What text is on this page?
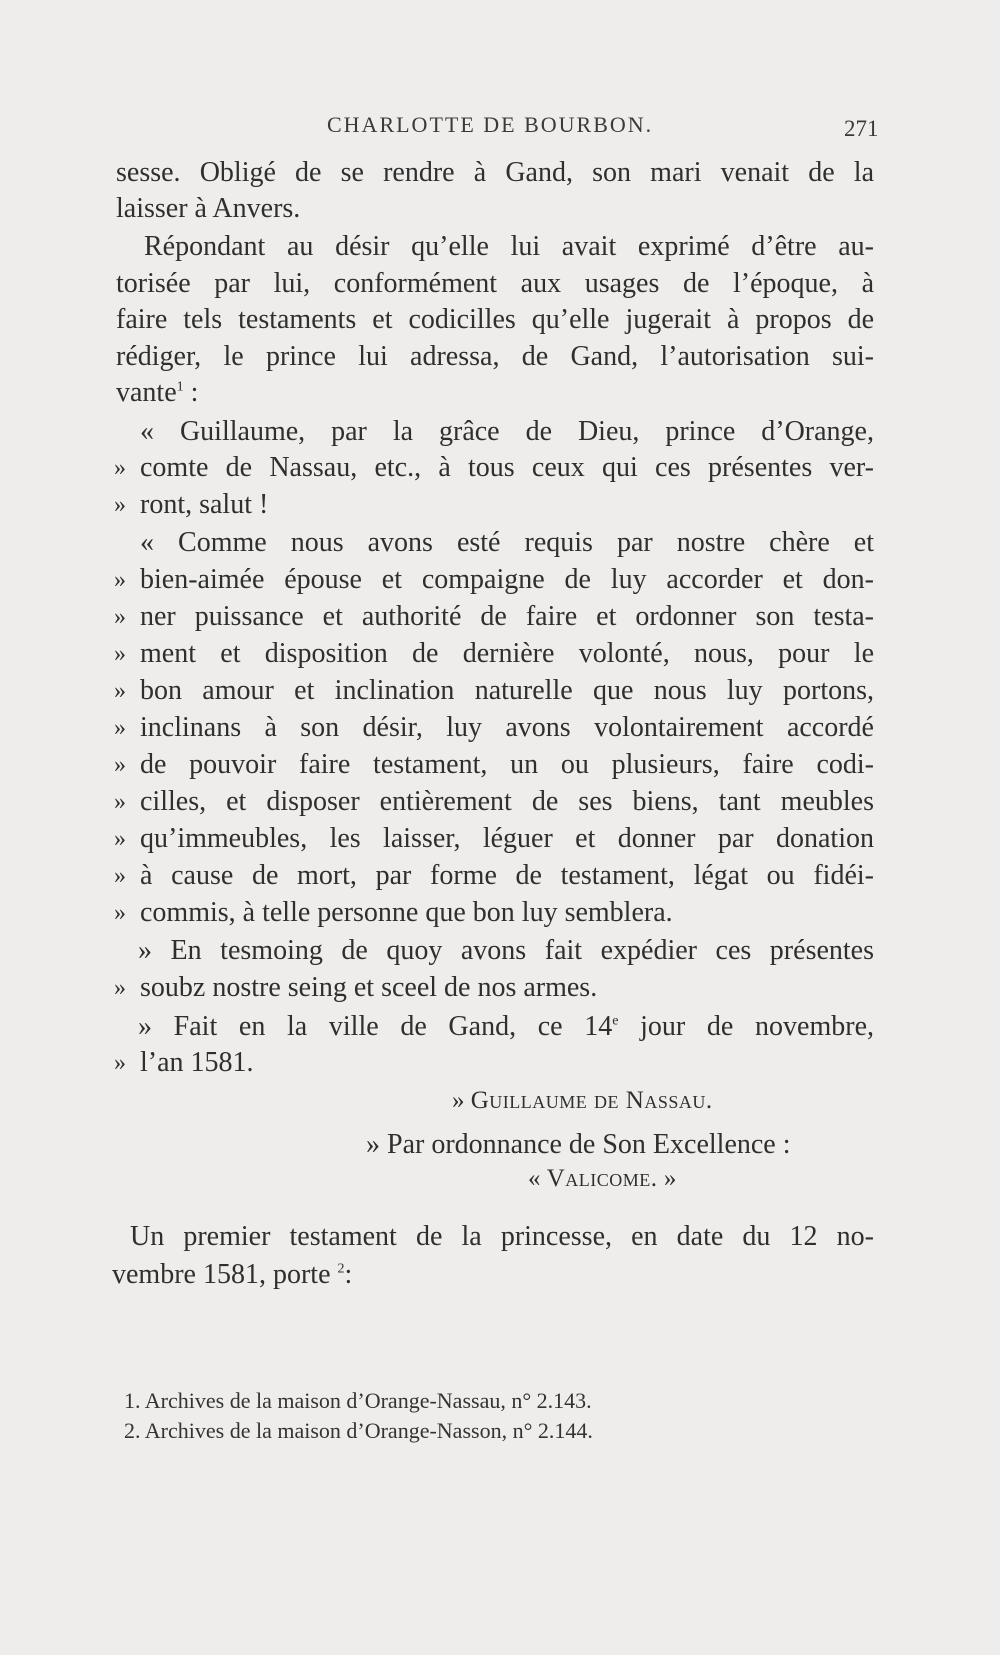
CHARLOTTE DE BOURBON.	271
sesse. Obligé de se rendre à Gand, son mari venait de la
laisser à Anvers.
Répondant au désir qu’elle lui avait exprimé d’être au-
torisée par lui, conformément aux usages de l’époque, à
faire tels testaments et codicilles qu’elle jugerait à propos de
rédiger, le prince lui adressa, de Gand, l’autorisation sui-
vante$^1$ :
« Guillaume, par la grâce de Dieu, prince d’Orange,
» comte de Nassau, etc., à tous ceux qui ces présentes ver-
» ront, salut !
« Comme nous avons esté requis par nostre chère et
» bien-aimée épouse et compaigne de luy accorder et don-
» ner puissance et authorité de faire et ordonner son testa-
» ment et disposition de dernière volonté, nous, pour le
» bon amour et inclination naturelle que nous luy portons,
» inclinans à son désir, luy avons volontairement accordé
» de pouvoir faire testament, un ou plusieurs, faire codi-
» cilles, et disposer entièrement de ses biens, tant meubles
» qu’immeubles, les laisser, léguer et donner par donation
» à cause de mort, par forme de testament, légat ou fidéi-
» commis, à telle personne que bon luy semblera.
» En tesmoing de quoy avons fait expédier ces présentes
» soubz nostre seing et sceel de nos armes.
» Fait en la ville de Gand, ce 14e jour de novembre,
» l’an 1581.
» Guillaume de Nassau.
» Par ordonnance de Son Excellence :
« Valicome. »
Un premier testament de la princesse, en date du 12 no-
vembre 1581, porte $^2$:
1. Archives de la maison d’Orange-Nassau, n° 2.143.
2. Archives de la maison d’Orange-Nasson, n° 2.144.
